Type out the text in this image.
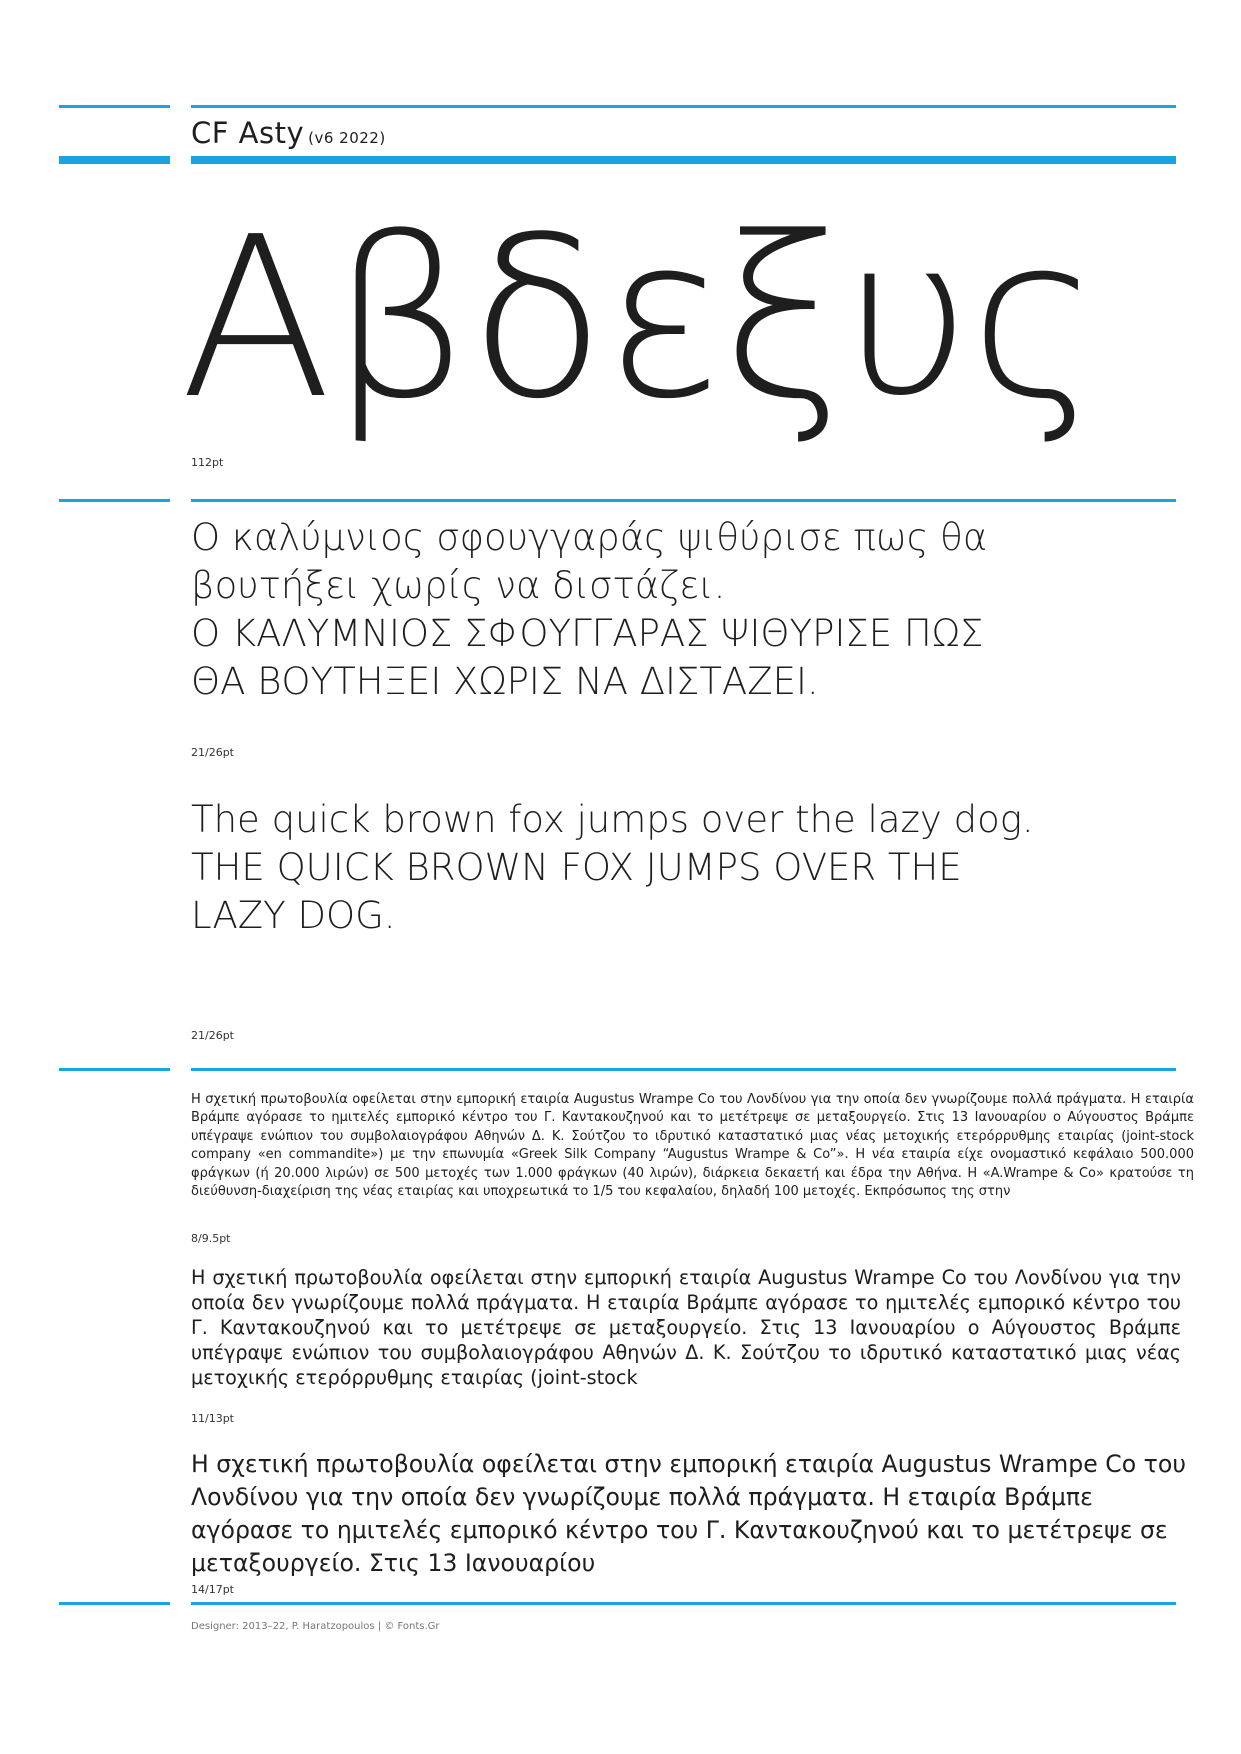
CF Asty (v6 2022)
Αβδεξυς
112pt

Ο καλύμνιος σφουγγαράς ψιθύρισε πως θα

βουτήξει χωρίς να διστάζει.

Ο ΚΑΛΥΜΝΙΟΣ ΣΦΟΥΓΓΑΡΑΣ ΨΙΘΥΡΙΣΕ ΠΩΣ

ΘΑ ΒΟΥΤΗΞΕΙ ΧΩΡΙΣ ΝΑ ΔΙΣΤΑΖΕΙ.

21/26pt

The quick brown fox jumps over the lazy dog.

THE QUICK BROWN FOX JUMPS OVER THE

LAZY DOG.

21/26pt
Η σχετική πρωτοβουλία οφείλεται στην εμπορική εταιρία Augustus Wrampe Co του Λονδίνου για την οποία δεν γνωρίζουμε πολλά πράγματα. Η εταιρία Βράμπε αγόρασε το ημιτελές εμπορικό κέντρο του Γ. Καντακουζηνού και το μετέτρεψε σε μεταξουργείο. Στις 13 Ιανουαρίου ο Αύγουστος Βράμπε υπέγραψε ενώπιον του συμβολαιογράφου Αθηνών Δ. Κ. Σούτζου το ιδρυτικό καταστατικό μιας νέας μετοχικής ετερόρρυθμης εταιρίας (joint-stock company «en commandite») με την επωνυμία «Greek Silk Company “Augustus Wrampe & Co”». Η νέα εταιρία είχε ονομαστικό κεφάλαιο 500.000 φράγκων (ή 20.000 λιρών) σε 500 μετοχές των 1.000 φράγκων (40 λιρών), διάρκεια δεκαετή και έδρα την Αθήνα. Η «A.Wrampe & Co» κρατούσε τη διεύθυνση-διαχείριση της νέας εταιρίας και υποχρεωτικά το 1/5 του κεφαλαίου, δηλαδή 100 μετοχές. Εκπρόσωπος της στην
8/9.5pt
Η σχετική πρωτοβουλία οφείλεται στην εμπορική εταιρία Augustus Wrampe Co του Λονδίνου για την οποία δεν γνωρίζουμε πολλά πράγματα. Η εταιρία Βράμπε αγόρασε το ημιτελές εμπορικό κέντρο του Γ. Καντακουζηνού και το μετέτρεψε σε μεταξουργείο. Στις 13 Ιανουαρίου ο Αύγουστος Βράμπε υπέγραψε ενώπιον του συμβολαιογράφου Αθηνών Δ. Κ. Σούτζου το ιδρυτικό καταστατικό μιας νέας μετοχικής ετερόρρυθμης εταιρίας (joint-stock
11/13pt
Η σχετική πρωτοβουλία οφείλεται στην εμπορική εταιρία Augustus Wrampe Co του Λονδίνου για την οποία δεν γνωρίζουμε πολλά πράγματα. Η εταιρία Βράμπε αγόρασε το ημιτελές εμπορικό κέντρο του Γ. Καντακουζηνού και το μετέτρεψε σε μεταξουργείο. Στις 13 Ιανουαρίου
14/17pt
Designer: 2013–22, P. Haratzopoulos | © Fonts.Gr
